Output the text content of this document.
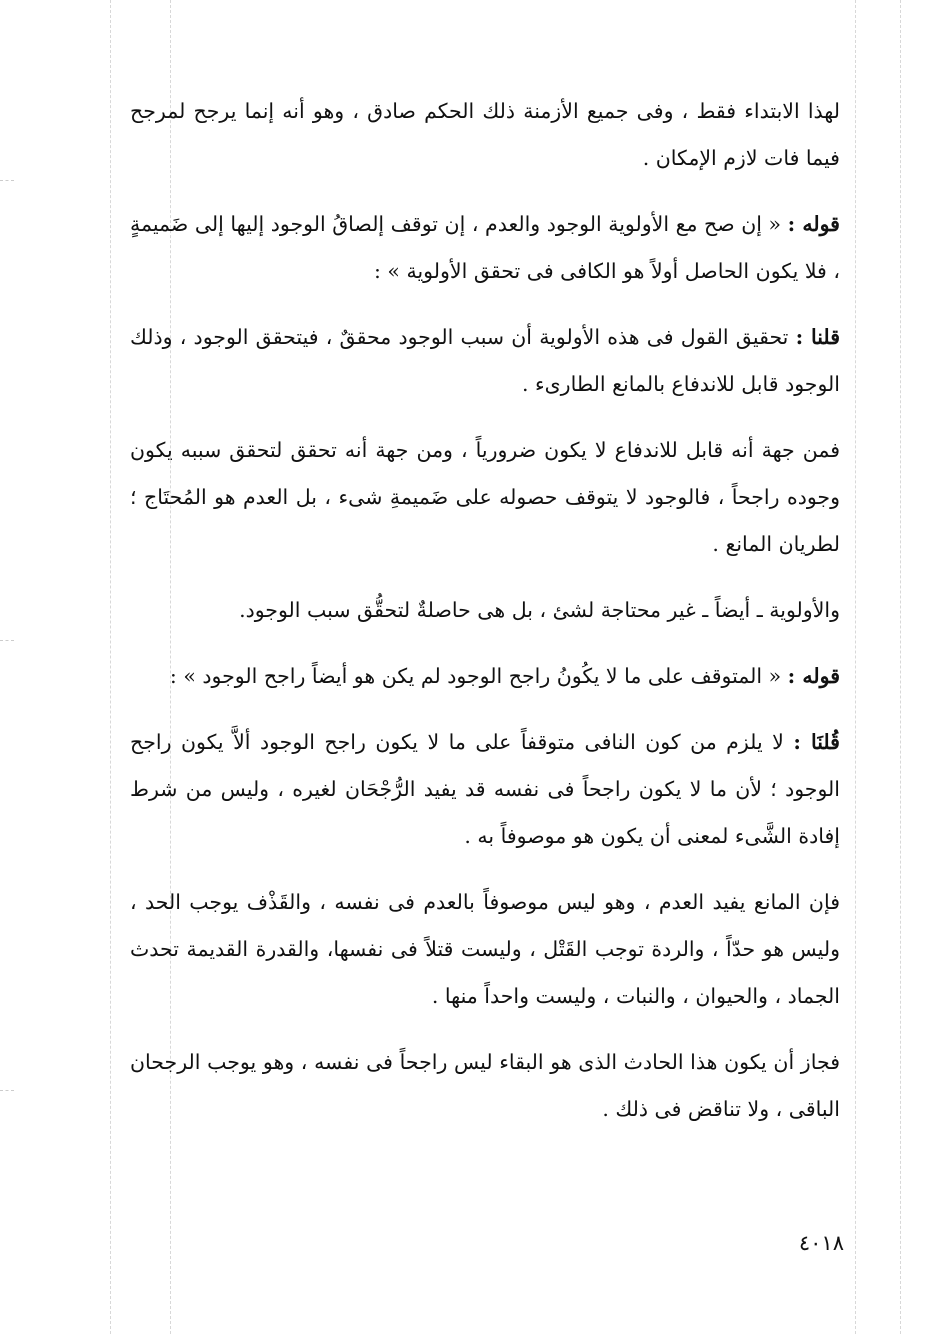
لهذا الابتداء فقط ، وفى جميع الأزمنة ذلك الحكم صادق ، وهو أنه إنما يرجح لمرجح فيما فات لازم الإمكان .

قوله : « إن صح مع الأولوية الوجود والعدم ، إن توقف إلصاقُ الوجود إليها إلى ضَميمةٍ ، فلا يكون الحاصل أولاً هو الكافى فى تحقق الأولوية » :

قلنا : تحقيق القول فى هذه الأولوية أن سبب الوجود محققٌ ، فيتحقق الوجود ، وذلك الوجود قابل للاندفاع بالمانع الطارىء .

فمن جهة أنه قابل للاندفاع لا يكون ضرورياً ، ومن جهة أنه تحقق لتحقق سببه يكون وجوده راجحاً ، فالوجود لا يتوقف حصوله على ضَميمةِ شىء ، بل العدم هو المُحتَاج ؛ لطريان المانع .

والأولوية ـ أيضاً ـ غير محتاجة لشئ ، بل هى حاصلةٌ لتحقُّق سبب الوجود.

قوله : « المتوقف على ما لا يكُونُ راجح الوجود لم يكن هو أيضاً راجح الوجود » :

قُلنَا : لا يلزم من كون النافى متوقفاً على ما لا يكون راجح الوجود ألاَّ يكون راجح الوجود ؛ لأن ما لا يكون راجحاً فى نفسه قد يفيد الرُّجْحَان لغيره ، وليس من شرط إفادة الشَّىء لمعنى أن يكون هو موصوفاً به .

فإن المانع يفيد العدم ، وهو ليس موصوفاً بالعدم فى نفسه ، والقَذْف يوجب الحد ، وليس هو حدّاً ، والردة توجب القَتْل ، وليست قتلاً فى نفسها، والقدرة القديمة تحدث الجماد ، والحيوان ، والنبات ، وليست واحداً منها .

فجاز أن يكون هذا الحادث الذى هو البقاء ليس راجحاً فى نفسه ، وهو يوجب الرجحان الباقى ، ولا تناقض فى ذلك .

٤٠١٨
